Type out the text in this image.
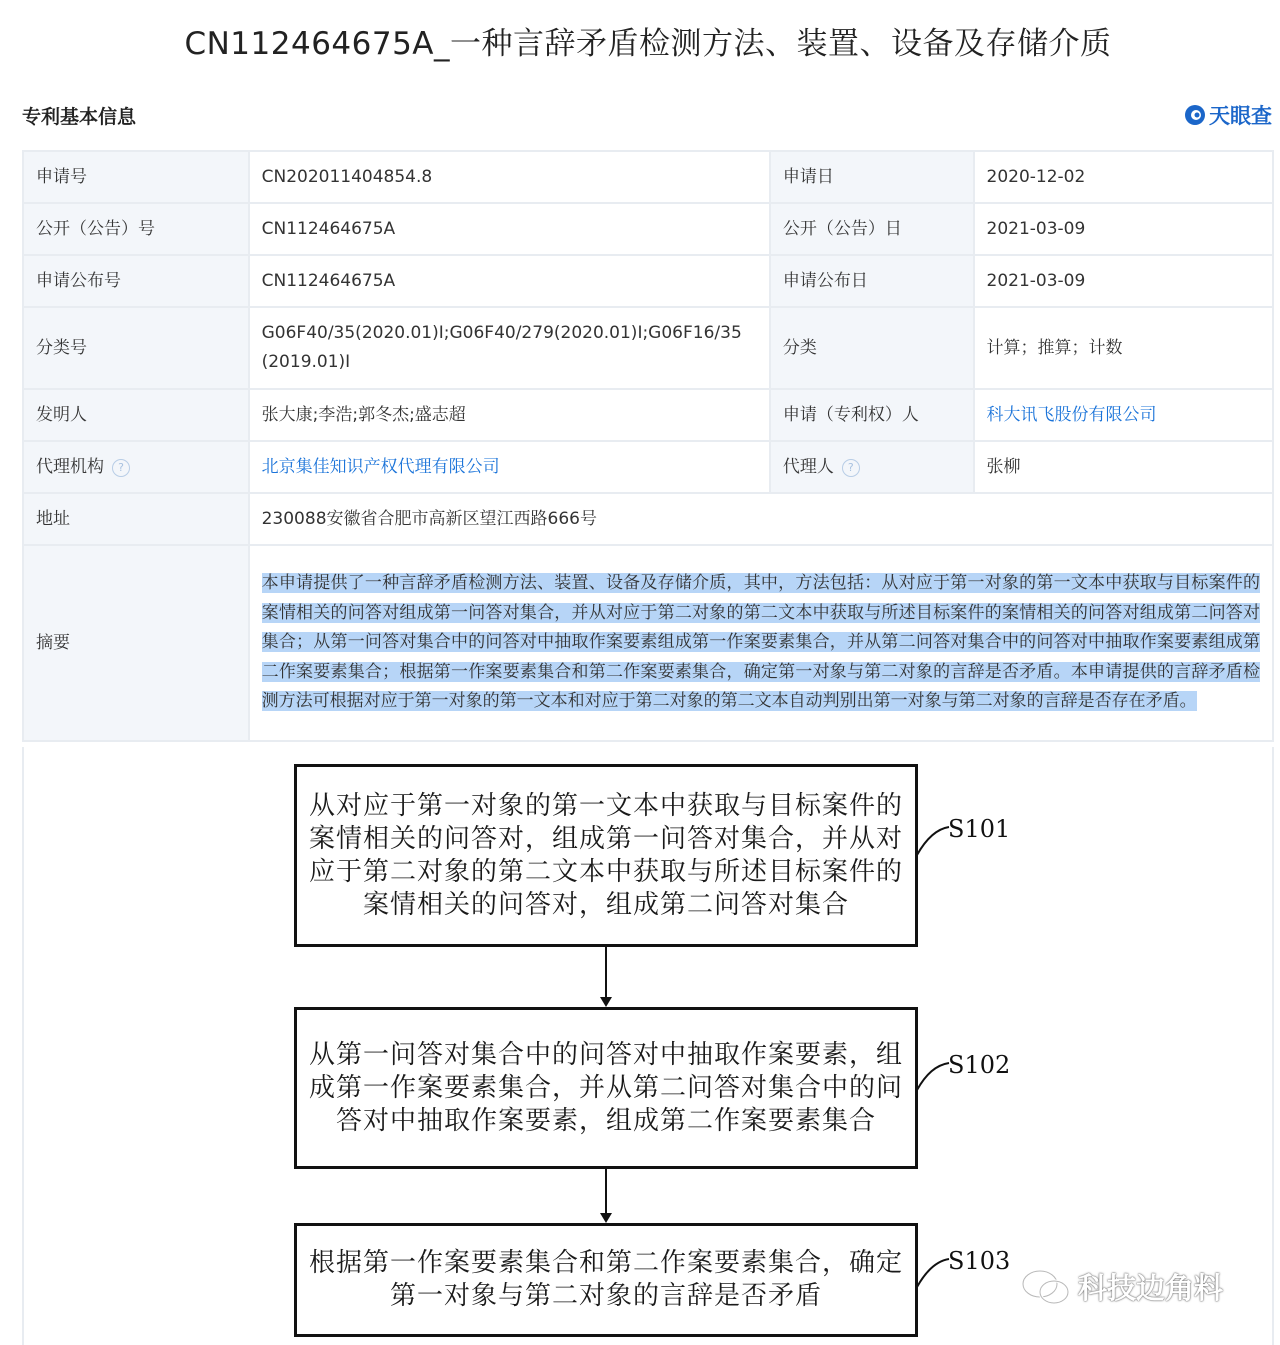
CN112464675A_一种言辞矛盾检测方法、装置、设备及存储介质
专利基本信息	天眼查
申请号	CN202011404854.8	申请日	2020-12-02
公开（公告）号	CN112464675A	公开（公告）日	2021-03-09
申请公布号	CN112464675A	申请公布日	2021-03-09
分类号	G06F40/35(2020.01)I;G06F40/279(2020.01)I;G06F16/35(2019.01)I	分类	计算；推算；计数
发明人	张大康;李浩;郭冬杰;盛志超	申请（专利权）人	科大讯飞股份有限公司
代理机构 ?	北京集佳知识产权代理有限公司	代理人 ?	张柳
地址	230088安徽省合肥市高新区望江西路666号		
摘要	本申请提供了一种言辞矛盾检测方法、装置、设备及存储介质，其中，方法包括：从对应于第一对象的第一文本中获取与目标案件的案情相关的问答对组成第一问答对集合，并从对应于第二对象的第二文本中获取与所述目标案件的案情相关的问答对组成第二问答对集合；从第一问答对集合中的问答对中抽取作案要素组成第一作案要素集合，并从第二问答对集合中的问答对中抽取作案要素组成第二作案要素集合；根据第一作案要素集合和第二作案要素集合，确定第一对象与第二对象的言辞是否矛盾。本申请提供的言辞矛盾检测方法可根据对应于第一对象的第一文本和对应于第二对象的第二文本自动判别出第一对象与第二对象的言辞是否存在矛盾。		
从对应于第一对象的第一文本中获取与目标案件的案情相关的问答对，组成第一问答对集合，并从对应于第二对象的第二文本中获取与所述目标案件的案情相关的问答对，组成第二问答对集合
S101
从第一问答对集合中的问答对中抽取作案要素，组成第一作案要素集合，并从第二问答对集合中的问答对中抽取作案要素，组成第二作案要素集合
S102
根据第一作案要素集合和第二作案要素集合，确定第一对象与第二对象的言辞是否矛盾
S103
科技边角料
